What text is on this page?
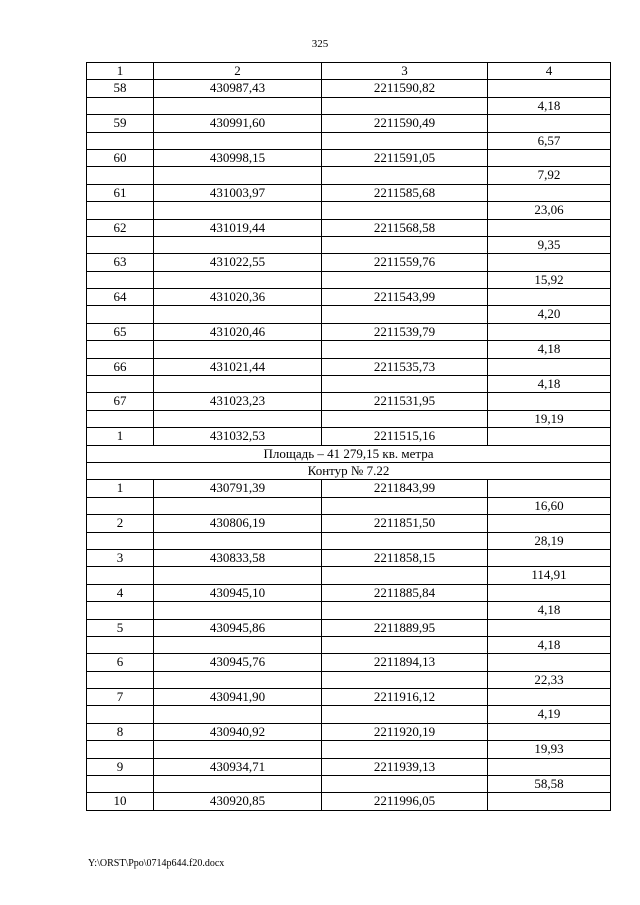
325
1	2	3	4
58	430987,43	2211590,82	
			4,18
59	430991,60	2211590,49	
			6,57
60	430998,15	2211591,05	
			7,92
61	431003,97	2211585,68	
			23,06
62	431019,44	2211568,58	
			9,35
63	431022,55	2211559,76	
			15,92
64	431020,36	2211543,99	
			4,20
65	431020,46	2211539,79	
			4,18
66	431021,44	2211535,73	
			4,18
67	431023,23	2211531,95	
			19,19
1	431032,53	2211515,16	
Площадь – 41 279,15 кв. метра			
Контур № 7.22			
1	430791,39	2211843,99	
			16,60
2	430806,19	2211851,50	
			28,19
3	430833,58	2211858,15	
			114,91
4	430945,10	2211885,84	
			4,18
5	430945,86	2211889,95	
			4,18
6	430945,76	2211894,13	
			22,33
7	430941,90	2211916,12	
			4,19
8	430940,92	2211920,19	
			19,93
9	430934,71	2211939,13	
			58,58
10	430920,85	2211996,05	
Y:\ORST\Ppo\0714p644.f20.docx
